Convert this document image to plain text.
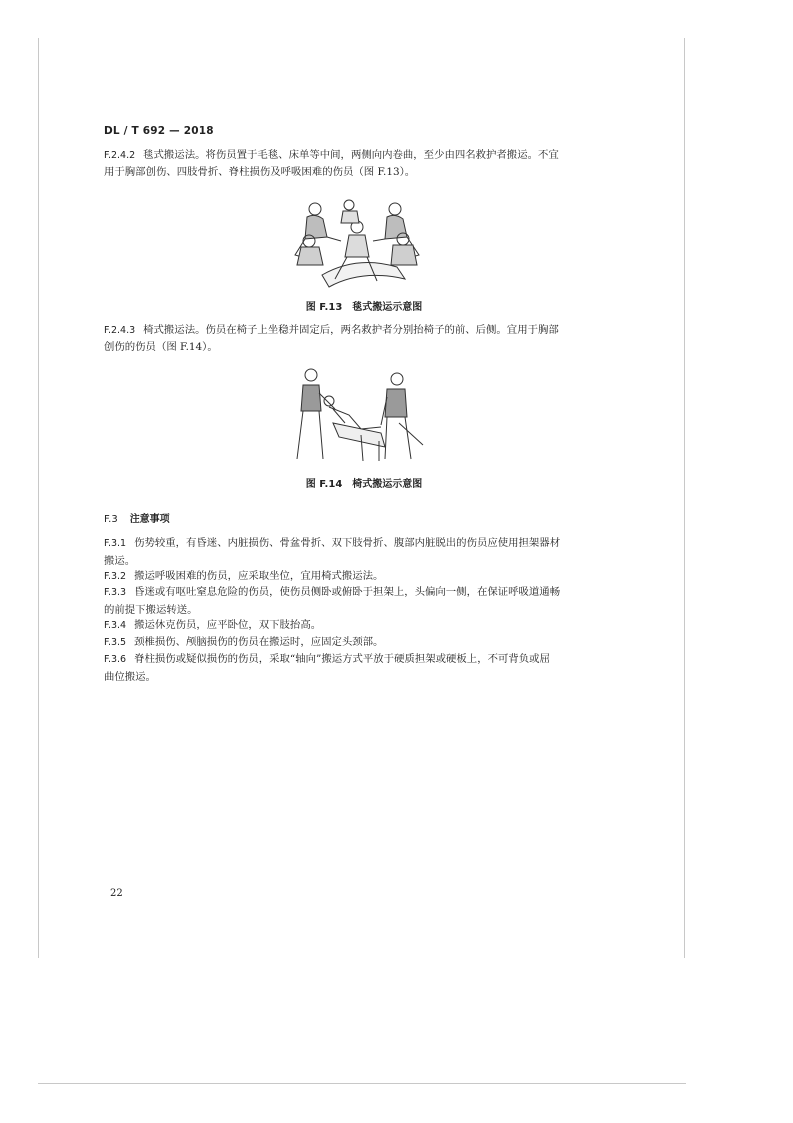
DL / T 692 — 2018
F.2.4.2 毯式搬运法。将伤员置于毛毯、床单等中间，两侧向内卷曲，至少由四名救护者搬运。不宜
用于胸部创伤、四肢骨折、脊柱损伤及呼吸困难的伤员（图 F.13）。
图 F.13 毯式搬运示意图
F.2.4.3 椅式搬运法。伤员在椅子上坐稳并固定后，两名救护者分别抬椅子的前、后侧。宜用于胸部
创伤的伤员（图 F.14）。
图 F.14 椅式搬运示意图
F.3 注意事项
F.3.1 伤势较重，有昏迷、内脏损伤、骨盆骨折、双下肢骨折、腹部内脏脱出的伤员应使用担架器材
搬运。
F.3.2 搬运呼吸困难的伤员，应采取坐位，宜用椅式搬运法。
F.3.3 昏迷或有呕吐窒息危险的伤员，使伤员侧卧或俯卧于担架上，头偏向一侧，在保证呼吸道通畅
的前提下搬运转送。
F.3.4 搬运休克伤员，应平卧位，双下肢抬高。
F.3.5 颈椎损伤、颅脑损伤的伤员在搬运时，应固定头颈部。
F.3.6 脊柱损伤或疑似损伤的伤员，采取“轴向”搬运方式平放于硬质担架或硬板上，不可背负或屈
曲位搬运。
22
